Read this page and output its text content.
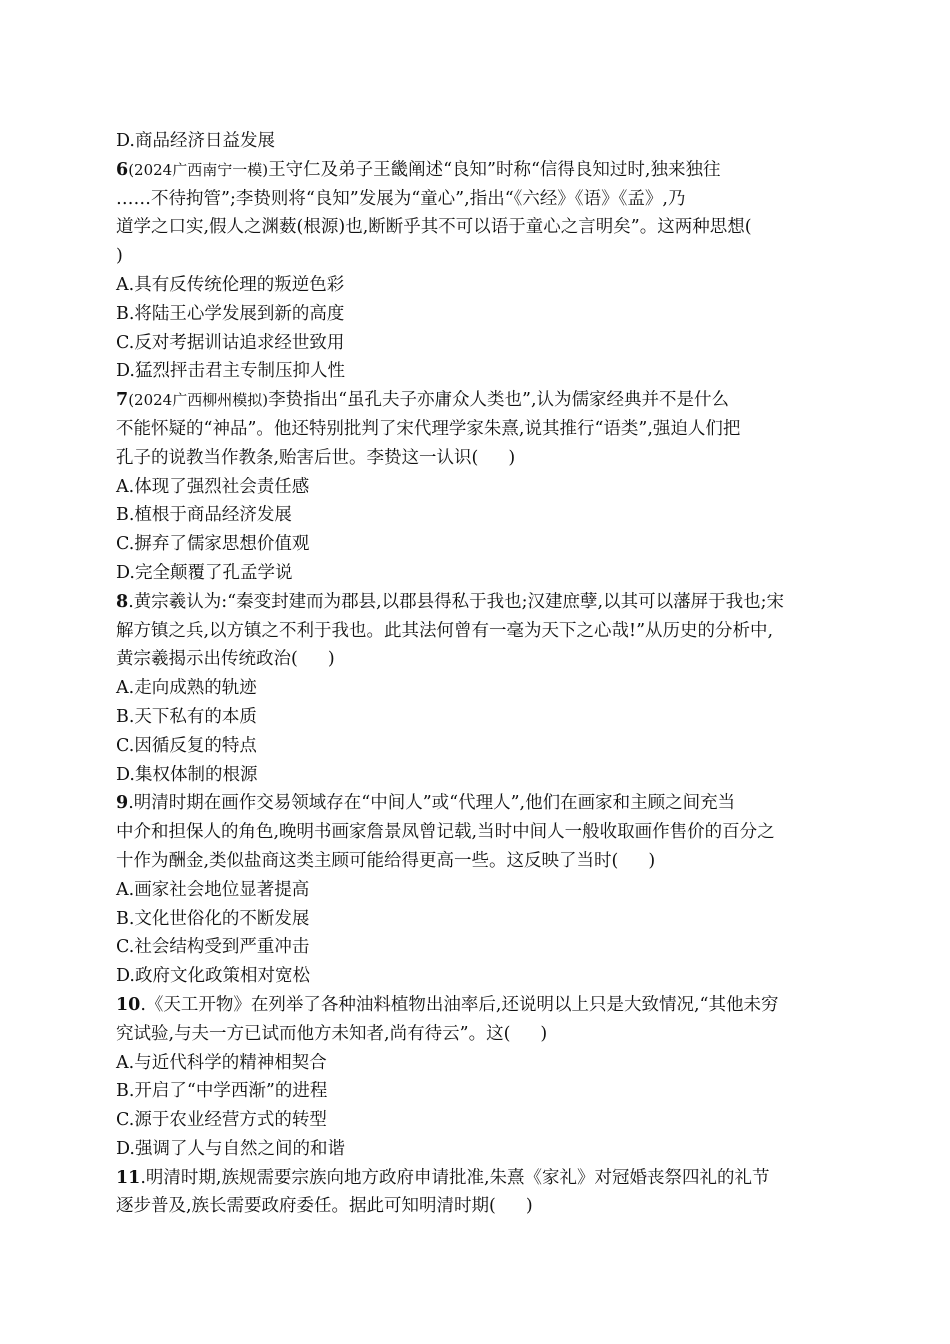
D.商品经济日益发展
6(2024广西南宁一模)王守仁及弟子王畿阐述“良知”时称“信得良知过时,独来独往
……不待拘管”;李贽则将“良知”发展为“童心”,指出“《六经》《语》《孟》,乃
道学之口实,假人之渊薮(根源)也,断断乎其不可以语于童心之言明矣”。这两种思想(
)
A.具有反传统伦理的叛逆色彩
B.将陆王心学发展到新的高度
C.反对考据训诂追求经世致用
D.猛烈抨击君主专制压抑人性
7(2024广西柳州模拟)李贽指出“虽孔夫子亦庸众人类也”,认为儒家经典并不是什么
不能怀疑的“神品”。他还特别批判了宋代理学家朱熹,说其推行“语类”,强迫人们把
孔子的说教当作教条,贻害后世。李贽这一认识( )
A.体现了强烈社会责任感
B.植根于商品经济发展
C.摒弃了儒家思想价值观
D.完全颠覆了孔孟学说
8.黄宗羲认为:“秦变封建而为郡县,以郡县得私于我也;汉建庶孽,以其可以藩屏于我也;宋
解方镇之兵,以方镇之不利于我也。此其法何曾有一毫为天下之心哉!”从历史的分析中,
黄宗羲揭示出传统政治( )
A.走向成熟的轨迹
B.天下私有的本质
C.因循反复的特点
D.集权体制的根源
9.明清时期在画作交易领域存在“中间人”或“代理人”,他们在画家和主顾之间充当
中介和担保人的角色,晚明书画家詹景凤曾记载,当时中间人一般收取画作售价的百分之
十作为酬金,类似盐商这类主顾可能给得更高一些。这反映了当时( )
A.画家社会地位显著提高
B.文化世俗化的不断发展
C.社会结构受到严重冲击
D.政府文化政策相对宽松
10.《天工开物》在列举了各种油料植物出油率后,还说明以上只是大致情况,“其他未穷
究试验,与夫一方已试而他方未知者,尚有待云”。这( )
A.与近代科学的精神相契合
B.开启了“中学西渐”的进程
C.源于农业经营方式的转型
D.强调了人与自然之间的和谐
11.明清时期,族规需要宗族向地方政府申请批准,朱熹《家礼》对冠婚丧祭四礼的礼节
逐步普及,族长需要政府委任。据此可知明清时期( )
